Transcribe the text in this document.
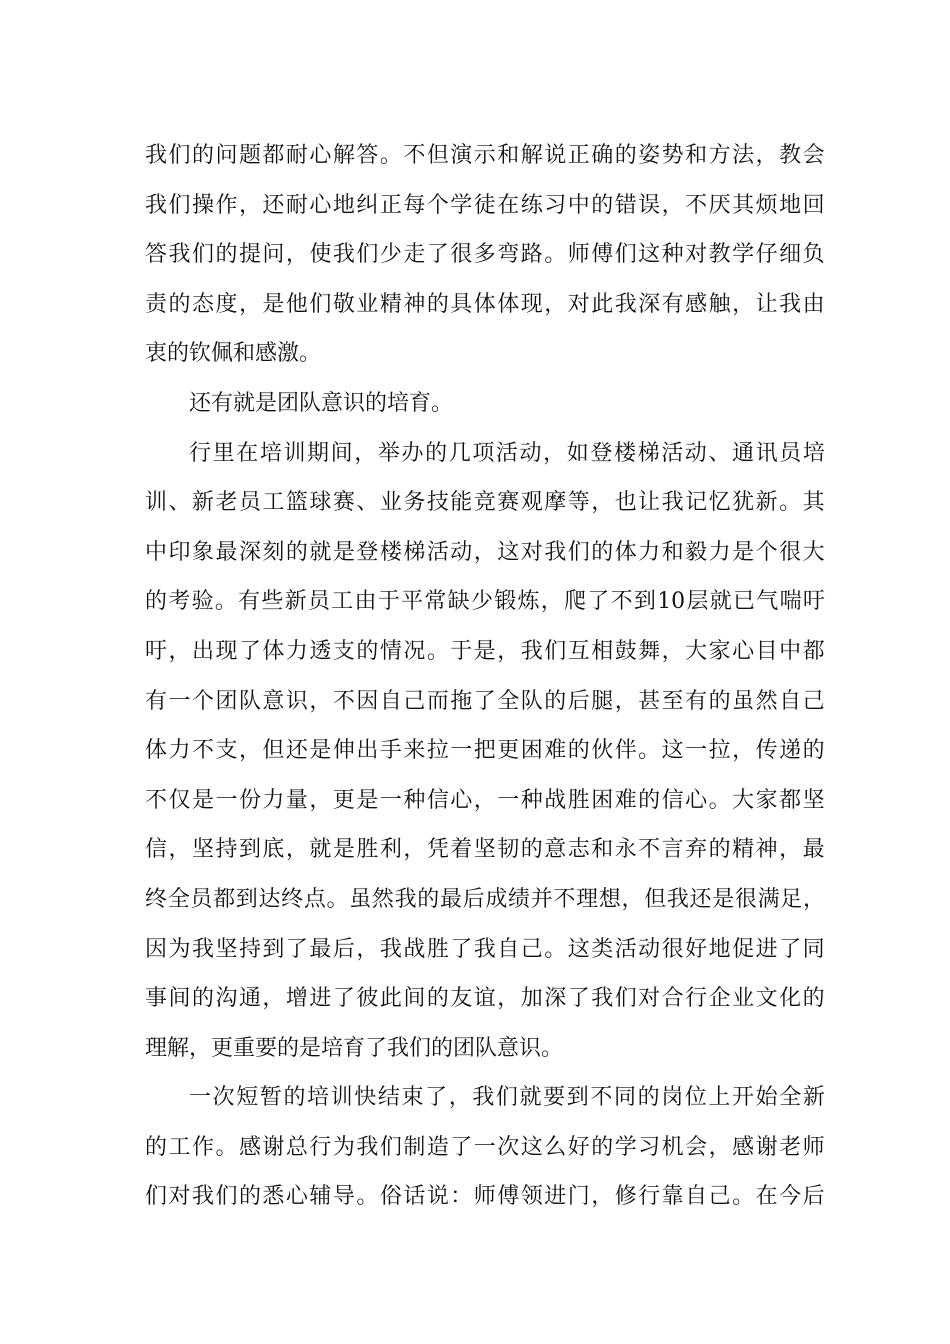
我 们 的 问 题 都 耐 心 解 答 。 不 但 演 示 和 解 说 正 确 的 姿 势 和 方 法 ， 教 会
我 们 操 作 ， 还 耐 心 地 纠 正 每 个 学 徒 在 练 习 中 的 错 误 ， 不 厌 其 烦 地 回
答 我 们 的 提 问 ， 使 我 们 少 走 了 很 多 弯 路 。 师 傅 们 这 种 对 教 学 仔 细 负
责 的 态 度 ， 是 他 们 敬 业 精 神 的 具 体 体 现 ， 对 此 我 深 有 感 触 ， 让 我 由
衷的钦佩和感激。
还有就是团队意识的培育。
行 里 在 培 训 期 间 ， 举 办 的 几 项 活 动 ， 如 登 楼 梯 活 动 、 通 讯 员 培
训 、 新 老 员 工 篮 球 赛 、 业 务 技 能 竞 赛 观 摩 等 ， 也 让 我 记 忆 犹 新 。 其
中 印 象 最 深 刻 的 就 是 登 楼 梯 活 动 ， 这 对 我 们 的 体 力 和 毅 力 是 个 很 大
的 考 验 。 有 些 新 员 工 由 于 平 常 缺 少 锻 炼 ， 爬 了 不 到 10 层 就 已 气 喘 吁
吁 ， 出 现 了 体 力 透 支 的 情 况 。 于 是 ， 我 们 互 相 鼓 舞 ， 大 家 心 目 中 都
有 一 个 团 队 意 识 ， 不 因 自 己 而 拖 了 全 队 的 后 腿 ， 甚 至 有 的 虽 然 自 己
体 力 不 支 ， 但 还 是 伸 出 手 来 拉 一 把 更 困 难 的 伙 伴 。 这 一 拉 ， 传 递 的
不 仅 是 一 份 力 量 ， 更 是 一 种 信 心 ， 一 种 战 胜 困 难 的 信 心 。 大 家 都 坚
信 ， 坚 持 到 底 ， 就 是 胜 利 ， 凭 着 坚 韧 的 意 志 和 永 不 言 弃 的 精 神 ， 最
终 全 员 都 到 达 终 点 。 虽 然 我 的 最 后 成 绩 并 不 理 想 ， 但 我 还 是 很 满 足 ，
因 为 我 坚 持 到 了 最 后 ， 我 战 胜 了 我 自 己 。 这 类 活 动 很 好 地 促 进 了 同
事 间 的 沟 通 ， 增 进 了 彼 此 间 的 友 谊 ， 加 深 了 我 们 对 合 行 企 业 文 化 的
理解，更重要的是培育了我们的团队意识。
一 次 短 暂 的 培 训 快 结 束 了 ， 我 们 就 要 到 不 同 的 岗 位 上 开 始 全 新
的 工 作 。 感 谢 总 行 为 我 们 制 造 了 一 次 这 么 好 的 学 习 机 会 ， 感 谢 老 师
们 对 我 们 的 悉 心 辅 导 。 俗 话 说 ： 师 傅 领 进 门 ， 修 行 靠 自 己 。 在 今 后
